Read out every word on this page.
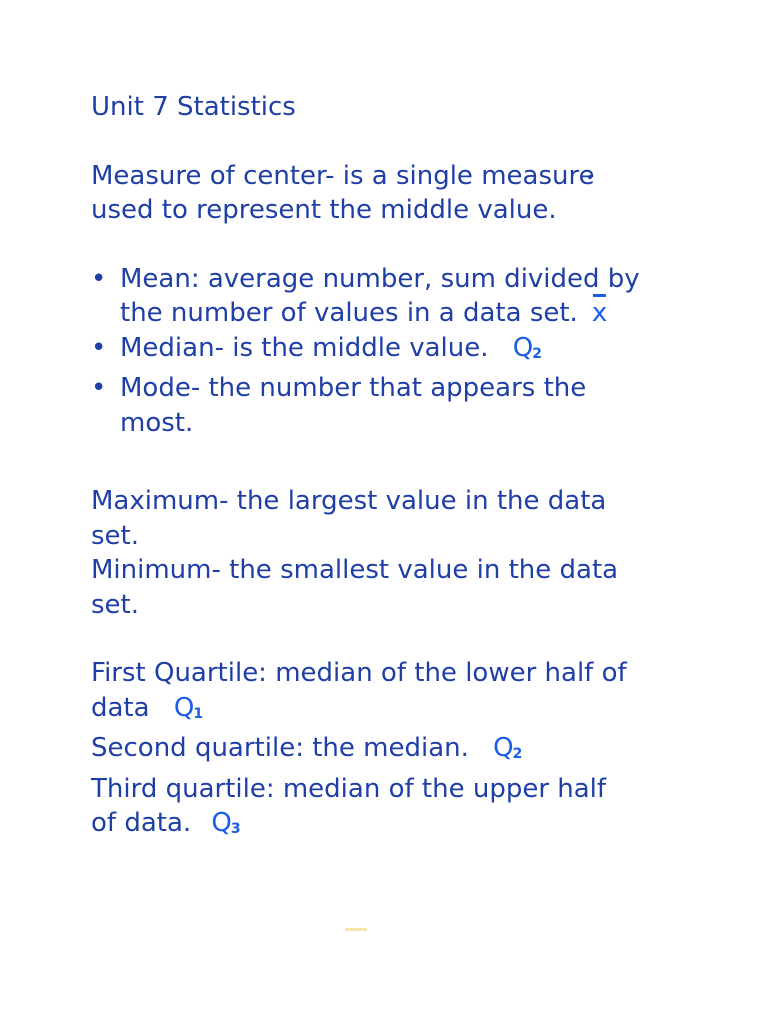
Unit 7 Statistics
Measure of center- is a single measure
used to represent the middle value.
• Mean: average number, sum divided by
the number of values in a data set. x
• Median- is the middle value. Q2
• Mode- the number that appears the
most.
Maximum- the largest value in the data
set.
Minimum- the smallest value in the data
set.
First Quartile: median of the lower half of
data Q1
Second quartile: the median. Q2
Third quartile: median of the upper half
of data. Q3
